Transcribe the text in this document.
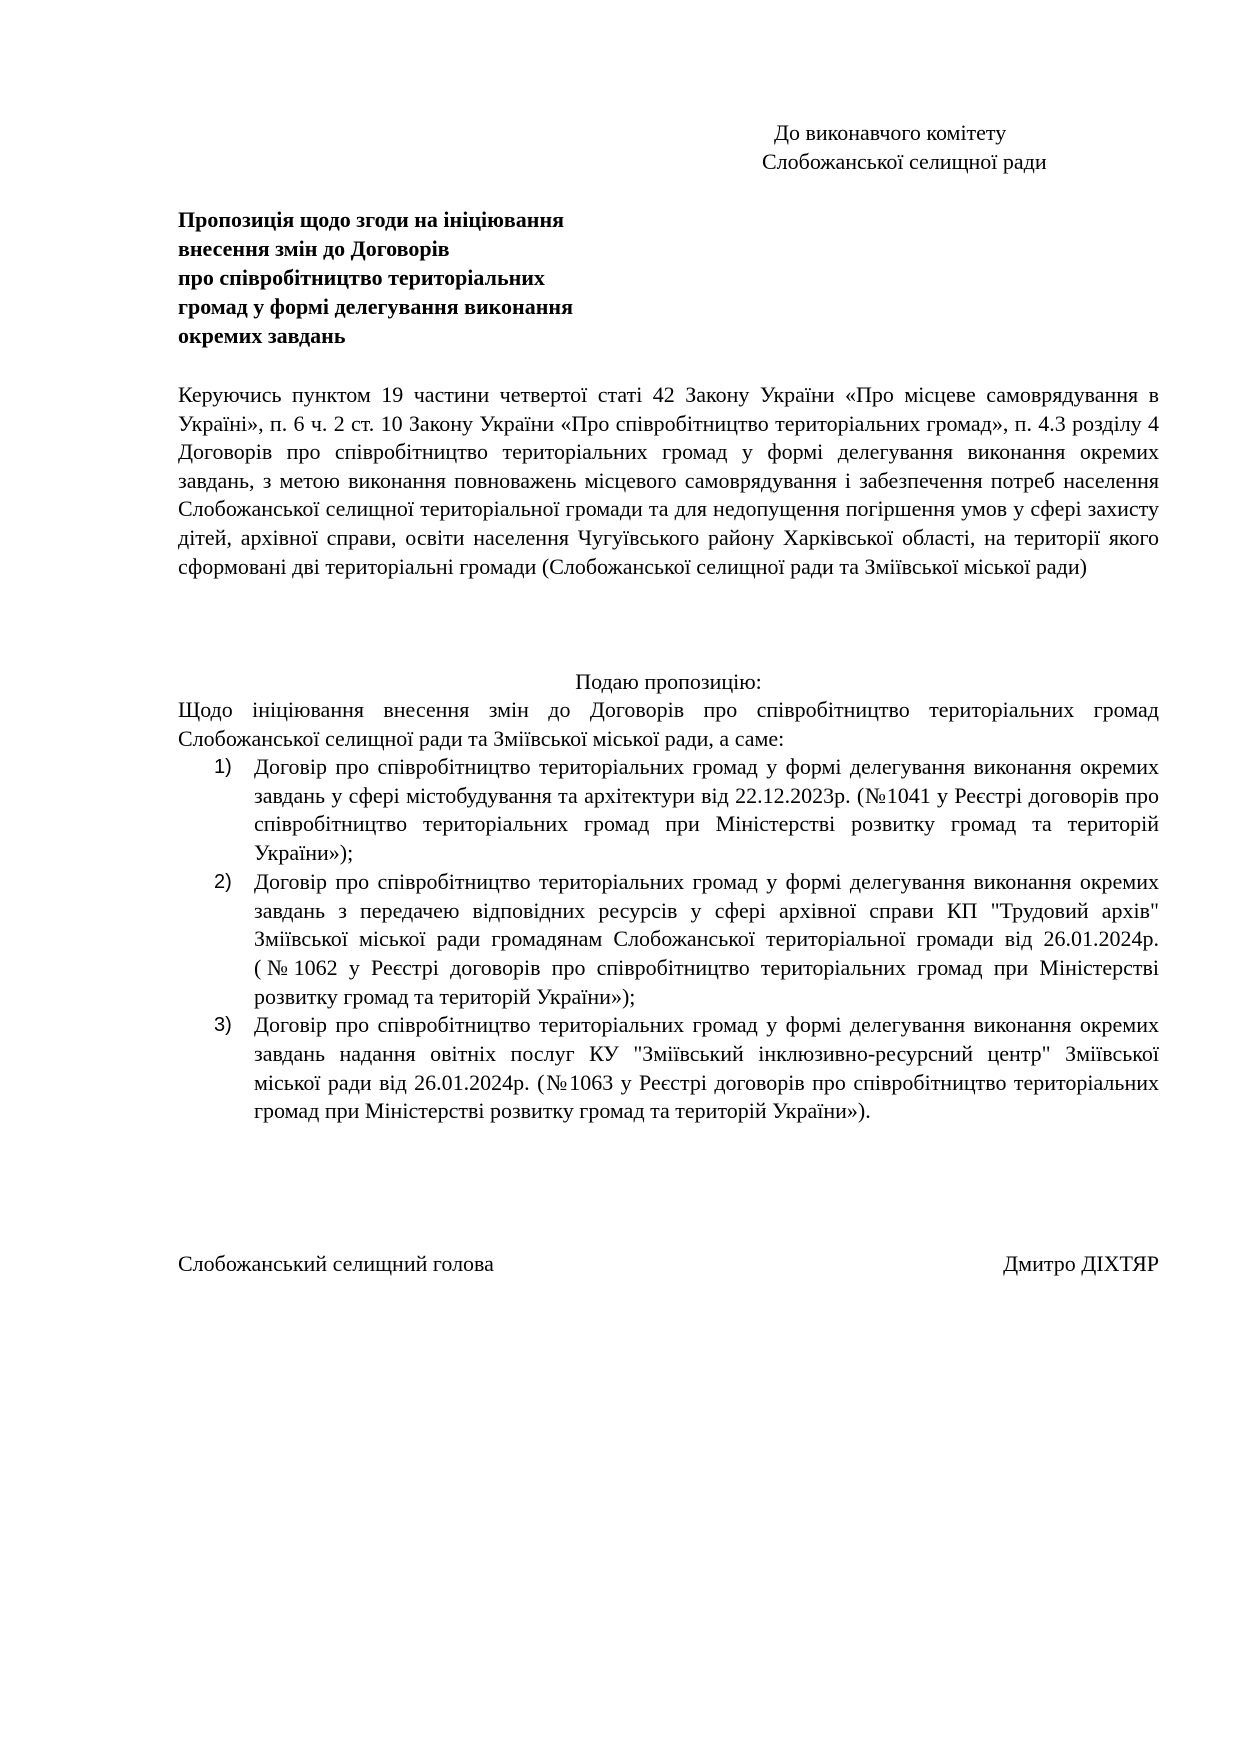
До виконавчого комітету
Слобожанської селищної ради
Пропозиція щодо згоди на ініціювання
внесення змін до Договорів
про співробітництво територіальних
громад у формі делегування виконання
окремих завдань
Керуючись пунктом 19 частини четвертої статі 42 Закону України «Про місцеве самоврядування в Україні», п. 6 ч. 2 ст. 10 Закону України «Про співробітництво територіальних громад», п. 4.3 розділу 4 Договорів про співробітництво територіальних громад у формі делегування виконання окремих завдань, з метою виконання повноважень місцевого самоврядування і забезпечення потреб населення Слобожанської селищної територіальної громади та для недопущення погіршення умов у сфері захисту дітей, архівної справи, освіти населення Чугуївського району Харківської області, на території якого сформовані дві територіальні громади (Слобожанської селищної ради та Зміївської міської ради)
Подаю пропозицію:
Щодо ініціювання внесення змін до Договорів про співробітництво територіальних громад Слобожанської селищної ради та Зміївської міської ради, а саме:
1) Договір про співробітництво територіальних громад у формі делегування виконання окремих завдань у сфері містобудування та архітектури від 22.12.2023р. (№1041 у Реєстрі договорів про співробітництво територіальних громад при Міністерстві розвитку громад та територій України»);
2) Договір про співробітництво територіальних громад у формі делегування виконання окремих завдань з передачею відповідних ресурсів у сфері архівної справи КП "Трудовий архів" Зміївської міської ради громадянам Слобожанської територіальної громади від 26.01.2024р. (№1062 у Реєстрі договорів про співробітництво територіальних громад при Міністерстві розвитку громад та територій України»);
3) Договір про співробітництво територіальних громад у формі делегування виконання окремих завдань надання овітніх послуг КУ "Зміївський інклюзивно-ресурсний центр" Зміївської міської ради від 26.01.2024р. (№1063 у Реєстрі договорів про співробітництво територіальних громад при Міністерстві розвитку громад та територій України»).
Слобожанський селищний голова	Дмитро ДІХТЯР
